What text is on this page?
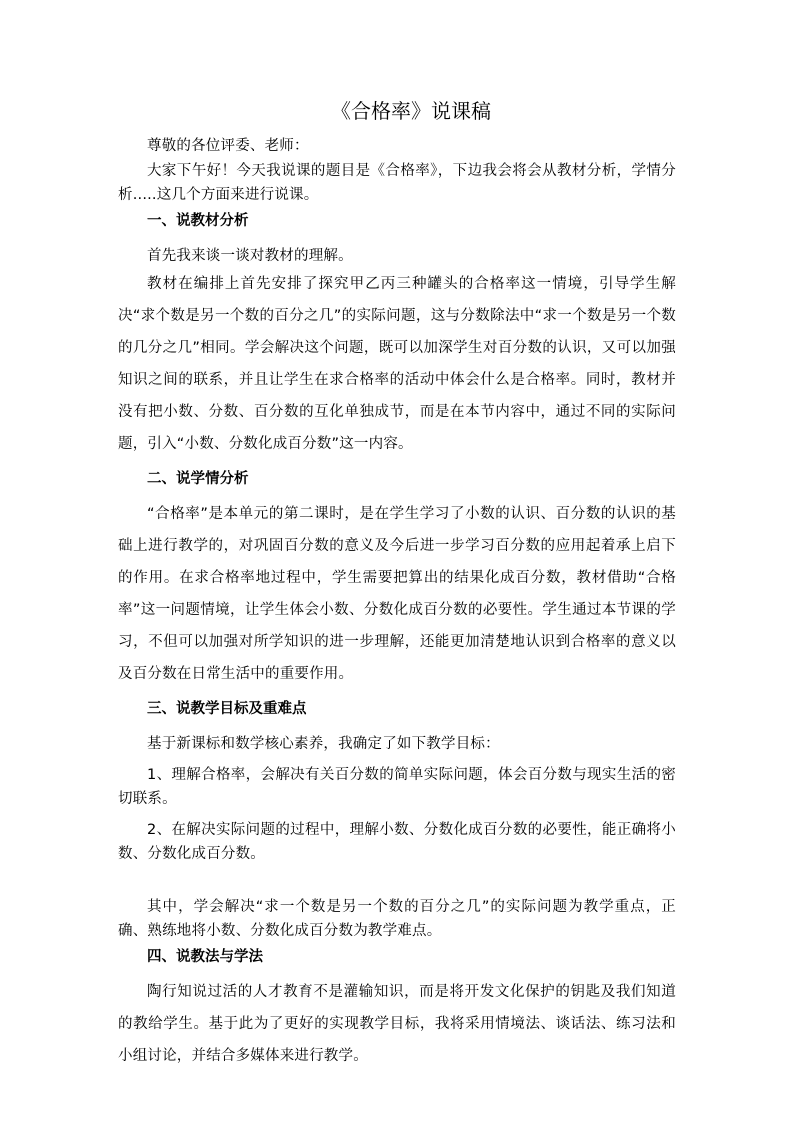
《合格率》说课稿

尊敬的各位评委、老师：

大家下午好！今天我说课的题目是《合格率》，下边我会将会从教材分析，学情分析.....这几个方面来进行说课。

一、说教材分析

首先我来谈一谈对教材的理解。

教材在编排上首先安排了探究甲乙丙三种罐头的合格率这一情境，引导学生解决“求个数是另一个数的百分之几”的实际问题，这与分数除法中“求一个数是另一个数的几分之几”相同。学会解决这个问题，既可以加深学生对百分数的认识，又可以加强知识之间的联系，并且让学生在求合格率的活动中体会什么是合格率。同时，教材并没有把小数、分数、百分数的互化单独成节，而是在本节内容中，通过不同的实际问题，引入“小数、分数化成百分数”这一内容。

二、说学情分析

“合格率”是本单元的第二课时，是在学生学习了小数的认识、百分数的认识的基础上进行教学的，对巩固百分数的意义及今后进一步学习百分数的应用起着承上启下的作用。在求合格率地过程中，学生需要把算出的结果化成百分数，教材借助“合格率”这一问题情境，让学生体会小数、分数化成百分数的必要性。学生通过本节课的学习，不但可以加强对所学知识的进一步理解，还能更加清楚地认识到合格率的意义以及百分数在日常生活中的重要作用。

三、说教学目标及重难点

基于新课标和数学核心素养，我确定了如下教学目标：

1、理解合格率，会解决有关百分数的简单实际问题，体会百分数与现实生活的密切联系。

2、在解决实际问题的过程中，理解小数、分数化成百分数的必要性，能正确将小数、分数化成百分数。

其中，学会解决“求一个数是另一个数的百分之几”的实际问题为教学重点，正确、熟练地将小数、分数化成百分数为教学难点。

四、说教法与学法

陶行知说过活的人才教育不是灌输知识，而是将开发文化保护的钥匙及我们知道的教给学生。基于此为了更好的实现教学目标，我将采用情境法、谈话法、练习法和小组讨论，并结合多媒体来进行教学。
